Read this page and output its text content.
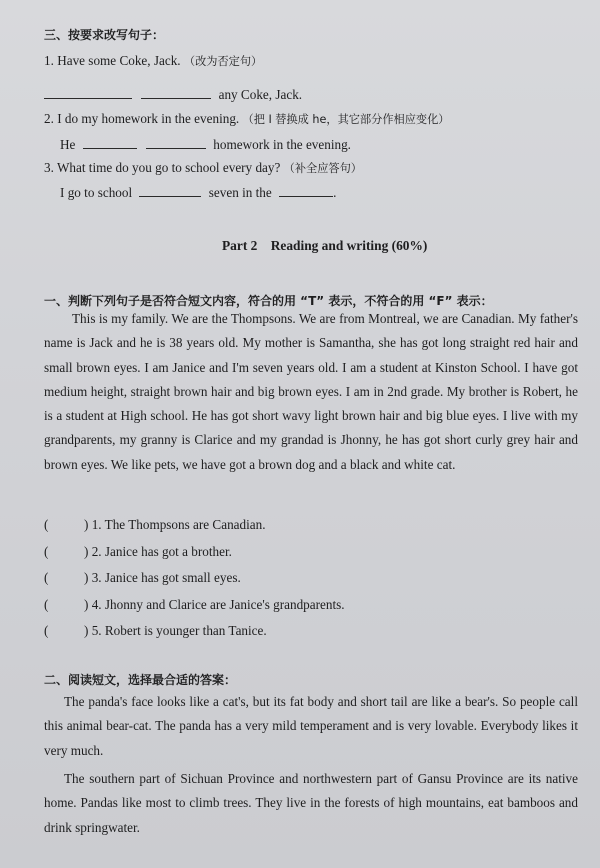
三、按要求改写句子：
1. Have some Coke, Jack. （改为否定句）
any Coke, Jack.
2. I do my homework in the evening. （把 I 替换成 he，其它部分作相应变化）
He	homework in the evening.
3. What time do you go to school every day? （补全应答句）
I go to school	seven in the	.
Part 2    Reading and writing (60%)
一、判断下列句子是否符合短文内容，符合的用 “T” 表示，不符合的用 “F” 表示：
This is my family. We are the Thompsons. We are from Montreal, we are Canadian. My father's name is Jack and he is 38 years old. My mother is Samantha, she has got long straight red hair and small brown eyes. I am Janice and I'm seven years old. I am a student at Kinston School. I have got medium height, straight brown hair and big brown eyes. I am in 2nd grade. My brother is Robert, he is a student at High school. He has got short wavy light brown hair and big blue eyes. I live with my grandparents, my granny is Clarice and my grandad is Jhonny, he has got short curly grey hair and brown eyes. We like pets, we have got a brown dog and a black and white cat.
(	) 1. The Thompsons are Canadian.
(	) 2. Janice has got a brother.
(	) 3. Janice has got small eyes.
(	) 4. Jhonny and Clarice are Janice's grandparents.
(	) 5. Robert is younger than Tanice.
二、阅读短文，选择最合适的答案：
The panda's face looks like a cat's, but its fat body and short tail are like a bear's. So people call this animal bear-cat. The panda has a very mild temperament and is very lovable. Everybody likes it very much.
The southern part of Sichuan Province and northwestern part of Gansu Province are its native home. Pandas like most to climb trees. They live in the forests of high mountains, eat bamboos and drink springwater.
